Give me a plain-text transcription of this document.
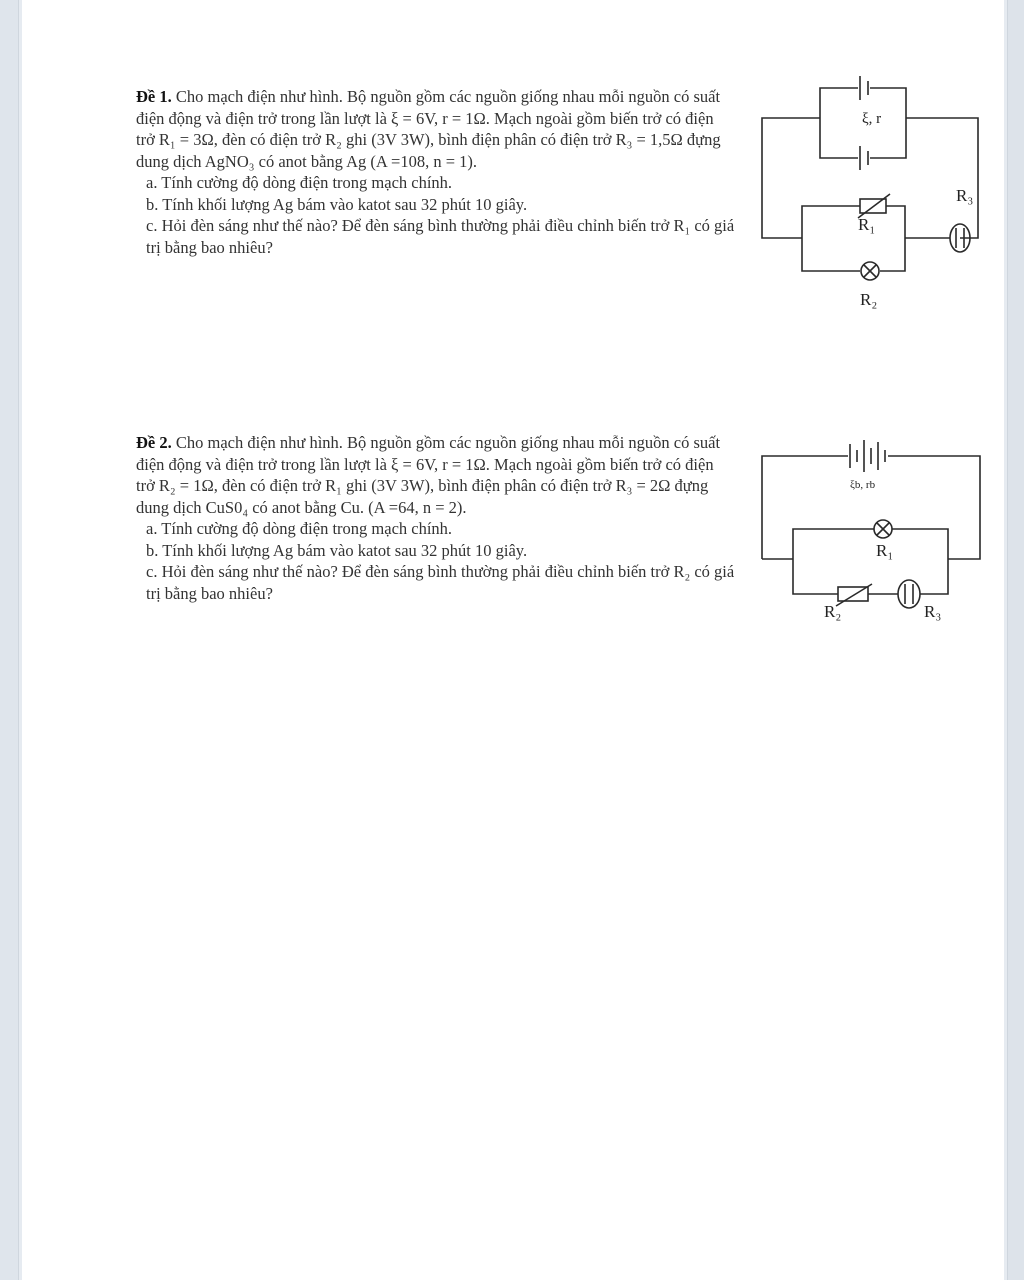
Đề 1. Cho mạch điện như hình. Bộ nguồn gồm các nguồn giống nhau mỗi nguồn có suất điện động và điện trở trong lần lượt là ξ = 6V, r = 1Ω. Mạch ngoài gồm biến trở có điện trở R₁ = 3Ω, đèn có điện trở R₂ ghi (3V 3W), bình điện phân có điện trở R₃ = 1,5Ω đựng dung dịch AgNO₃ có anot bằng Ag (A =108, n = 1).

a. Tính cường độ dòng điện trong mạch chính.

b. Tính khối lượng Ag bám vào katot sau 32 phút 10 giây.

c. Hỏi đèn sáng như thế nào? Để đèn sáng bình thường phải điều chỉnh biến trở R₁ có giá trị bằng bao nhiêu?

ξ, r
R₁
R₃
R₂

Đề 2. Cho mạch điện như hình. Bộ nguồn gồm các nguồn giống nhau mỗi nguồn có suất điện động và điện trở trong lần lượt là ξ = 6V, r = 1Ω. Mạch ngoài gồm biến trở có điện trở R₂ = 1Ω, đèn có điện trở R₁ ghi (3V 3W), bình điện phân có điện trở R₃ = 2Ω đựng dung dịch CuS0₄ có anot bằng Cu. (A =64, n = 2).

a. Tính cường độ dòng điện trong mạch chính.

b. Tính khối lượng Ag bám vào katot sau 32 phút 10 giây.

c. Hỏi đèn sáng như thế nào? Để đèn sáng bình thường phải điều chỉnh biến trở R₂ có giá trị bằng bao nhiêu?

ξb, rb
R₁
R₂	R₃
